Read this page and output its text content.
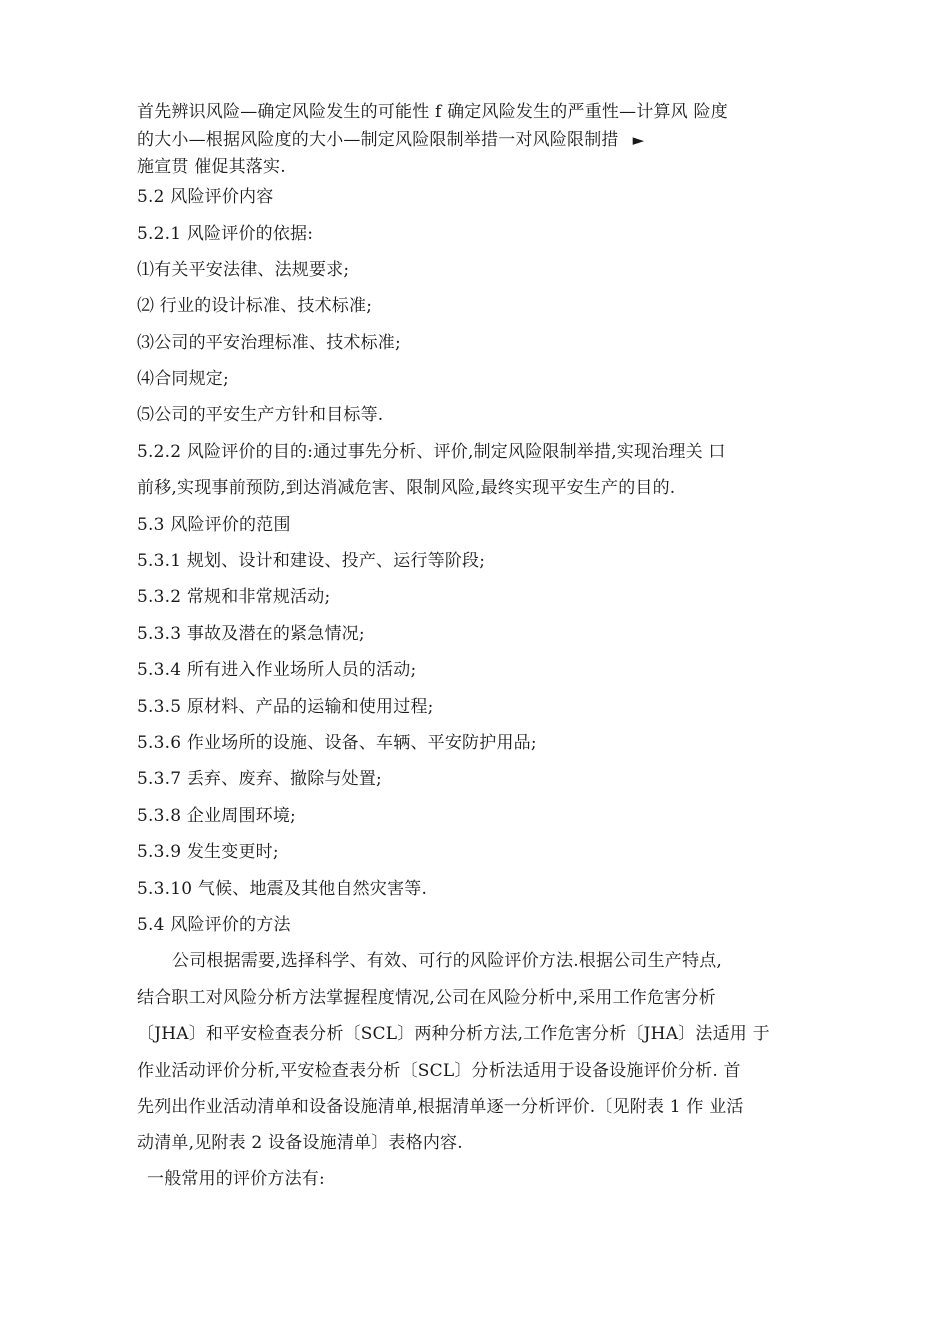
首先辨识风险—确定风险发生的可能性 f 确定风险发生的严重性—计算风 险度
的大小—根据风险度的大小—制定风险限制举措一对风险限制措 ►
施宣贯 催促其落实.
5.2 风险评价内容
5.2.1 风险评价的依据:
⑴有关平安法律、法规要求;
⑵ 行业的设计标准、技术标准;
⑶公司的平安治理标准、技术标准;
⑷合同规定;
⑸公司的平安生产方针和目标等.
5.2.2 风险评价的目的:通过事先分析、评价,制定风险限制举措,实现治理关 口
前移,实现事前预防,到达消减危害、限制风险,最终实现平安生产的目的.
5.3 风险评价的范围
5.3.1 规划、设计和建设、投产、运行等阶段;
5.3.2 常规和非常规活动;
5.3.3 事故及潜在的紧急情况;
5.3.4 所有进入作业场所人员的活动;
5.3.5 原材料、产品的运输和使用过程;
5.3.6 作业场所的设施、设备、车辆、平安防护用品;
5.3.7 丢弃、废弃、撤除与处置;
5.3.8 企业周围环境;
5.3.9 发生变更时;
5.3.10 气候、地震及其他自然灾害等.
5.4 风险评价的方法
公司根据需要,选择科学、有效、可行的风险评价方法.根据公司生产特点,
结合职工对风险分析方法掌握程度情况,公司在风险分析中,采用工作危害分析
〔JHA〕和平安检查表分析〔SCL〕两种分析方法,工作危害分析〔JHA〕法适用 于
作业活动评价分析,平安检查表分析〔SCL〕分析法适用于设备设施评价分析. 首
先列出作业活动清单和设备设施清单,根据清单逐一分析评价.〔见附表 1 作 业活
动清单,见附表 2 设备设施清单〕表格内容.
一般常用的评价方法有:
